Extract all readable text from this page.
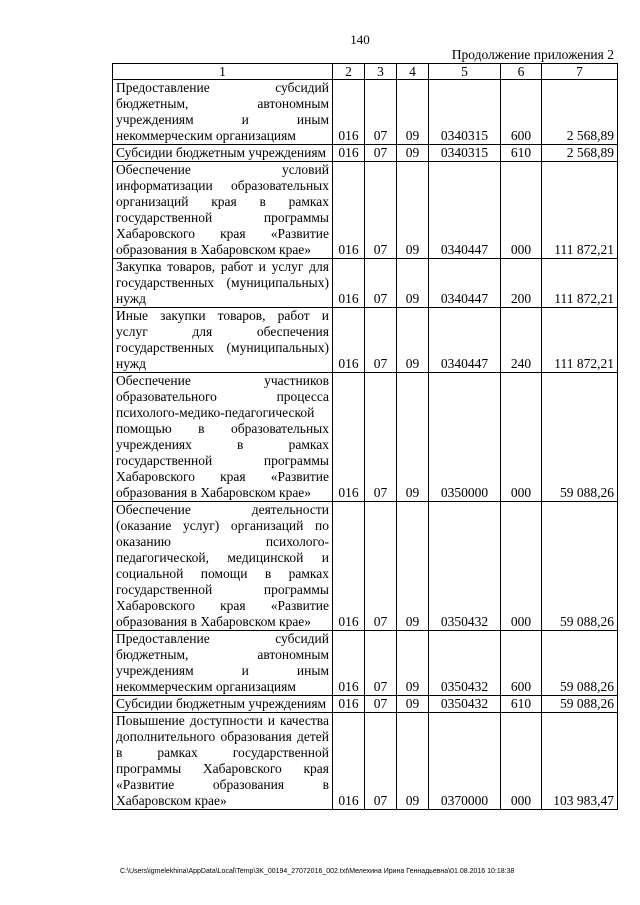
140
Продолжение приложения 2
1	2	3	4	5	6	7
Предоставление субсидий бюджетным, автономным учреждениям и иным некоммерческим организациям	016	07	09	0340315	600	2 568,89
Субсидии бюджетным учреждениям	016	07	09	0340315	610	2 568,89
Обеспечение условий информатизации образовательных организаций края в рамках государственной программы Хабаровского края «Развитие образования в Хабаровском крае»	016	07	09	0340447	000	111 872,21
Закупка товаров, работ и услуг для государственных (муниципальных) нужд	016	07	09	0340447	200	111 872,21
Иные закупки товаров, работ и услуг для обеспечения государственных (муниципальных) нужд	016	07	09	0340447	240	111 872,21
Обеспечение участников образовательного процесса психолого-медико-педагогической помощью в образовательных учреждениях в рамках государственной программы Хабаровского края «Развитие образования в Хабаровском крае»	016	07	09	0350000	000	59 088,26
Обеспечение деятельности (оказание услуг) организаций по оказанию психолого-педагогической, медицинской и социальной помощи в рамках государственной программы Хабаровского края «Развитие образования в Хабаровском крае»	016	07	09	0350432	000	59 088,26
Предоставление субсидий бюджетным, автономным учреждениям и иным некоммерческим организациям	016	07	09	0350432	600	59 088,26
Субсидии бюджетным учреждениям	016	07	09	0350432	610	59 088,26
Повышение доступности и качества дополнительного образования детей в рамках государственной программы Хабаровского края «Развитие образования в Хабаровском крае»	016	07	09	0370000	000	103 983,47
C:\Users\igmelekhina\AppData\Local\Temp\3K_00194_27072016_002.txt\Мелехина Ирина Геннадьевна\01.08.2016 10:18:38
